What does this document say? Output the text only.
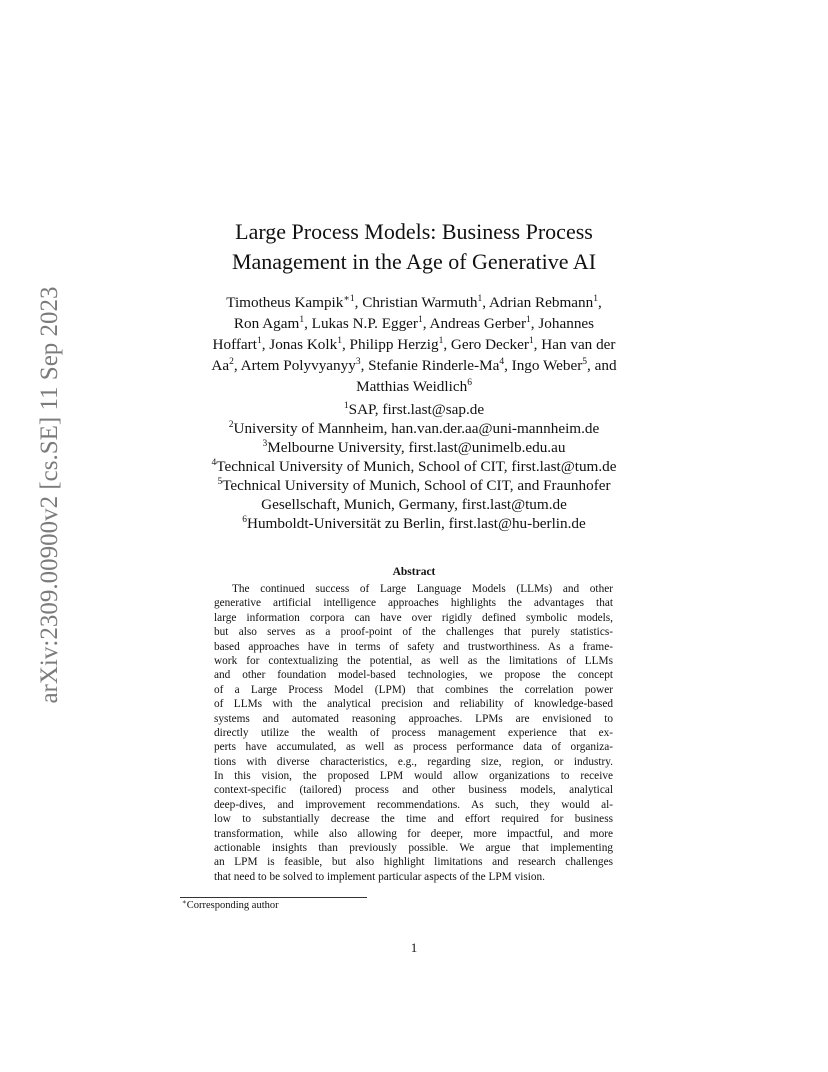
arXiv:2309.00900v2 [cs.SE] 11 Sep 2023
Large Process Models: Business Process
Management in the Age of Generative AI
Timotheus Kampik$^{∗1}$, Christian Warmuth$^1$, Adrian Rebmann$^1$,
Ron Agam$^1$, Lukas N.P. Egger$^1$, Andreas Gerber$^1$, Johannes
Hoffart$^1$, Jonas Kolk$^1$, Philipp Herzig$^1$, Gero Decker$^1$, Han van der
Aa$^2$, Artem Polyvyanyy$^3$, Stefanie Rinderle-Ma$^4$, Ingo Weber$^5$, and
Matthias Weidlich$^6$
$^1$SAP, first.last@sap.de
$^2$University of Mannheim, han.van.der.aa@uni-mannheim.de
$^3$Melbourne University, first.last@unimelb.edu.au
$^4$Technical University of Munich, School of CIT, first.last@tum.de
$^5$Technical University of Munich, School of CIT, and Fraunhofer
Gesellschaft, Munich, Germany, first.last@tum.de
$^6$Humboldt-Universität zu Berlin, first.last@hu-berlin.de
Abstract
The continued success of Large Language Models (LLMs) and other
generative artificial intelligence approaches highlights the advantages that
large information corpora can have over rigidly defined symbolic models,
but also serves as a proof-point of the challenges that purely statistics-
based approaches have in terms of safety and trustworthiness. As a frame-
work for contextualizing the potential, as well as the limitations of LLMs
and other foundation model-based technologies, we propose the concept
of a Large Process Model (LPM) that combines the correlation power
of LLMs with the analytical precision and reliability of knowledge-based
systems and automated reasoning approaches. LPMs are envisioned to
directly utilize the wealth of process management experience that ex-
perts have accumulated, as well as process performance data of organiza-
tions with diverse characteristics, e.g., regarding size, region, or industry.
In this vision, the proposed LPM would allow organizations to receive
context-specific (tailored) process and other business models, analytical
deep-dives, and improvement recommendations. As such, they would al-
low to substantially decrease the time and effort required for business
transformation, while also allowing for deeper, more impactful, and more
actionable insights than previously possible. We argue that implementing
an LPM is feasible, but also highlight limitations and research challenges
that need to be solved to implement particular aspects of the LPM vision.
∗Corresponding author
1
